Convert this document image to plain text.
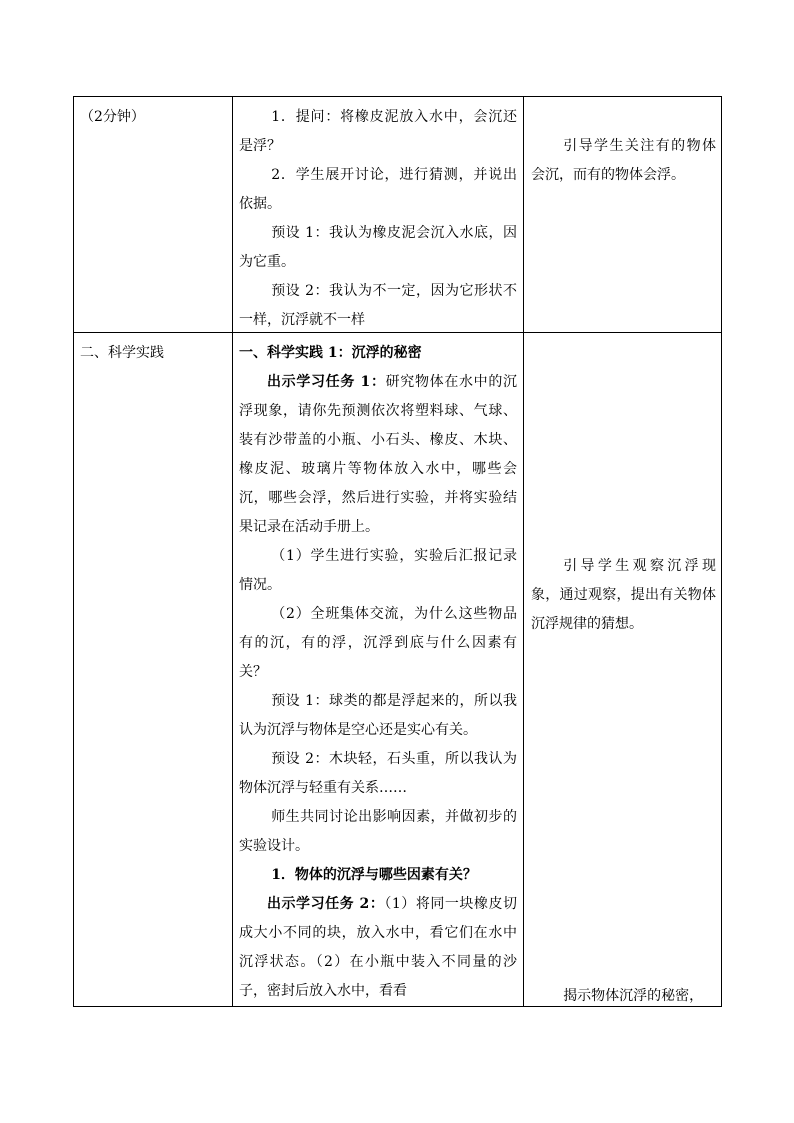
（2分钟）	1．提问：将橡皮泥放入水中，会沉还是浮？

2．学生展开讨论，进行猜测，并说出依据。

预设 1：我认为橡皮泥会沉入水底，因为它重。

预设 2：我认为不一定，因为它形状不一样，沉浮就不一样

引导学生关注有的物体会沉，而有的物体会浮。

二、科学实践	一、科学实践 1：沉浮的秘密

出示学习任务 1：研究物体在水中的沉浮现象，请你先预测依次将塑料球、气球、装有沙带盖的小瓶、小石头、橡皮、木块、橡皮泥、玻璃片等物体放入水中，哪些会沉，哪些会浮，然后进行实验，并将实验结果记录在活动手册上。

（1）学生进行实验，实验后汇报记录情况。

（2）全班集体交流，为什么这些物品有的沉，有的浮，沉浮到底与什么因素有关？

预设 1：球类的都是浮起来的，所以我认为沉浮与物体是空心还是实心有关。

预设 2：木块轻，石头重，所以我认为物体沉浮与轻重有关系……

师生共同讨论出影响因素，并做初步的实验设计。

1．物体的沉浮与哪些因素有关？

出示学习任务 2：（1）将同一块橡皮切成大小不同的块，放入水中，看它们在水中沉浮状态。（2）在小瓶中装入不同量的沙子，密封后放入水中，看看

引导学生观察沉浮现象，通过观察，提出有关物体沉浮规律的猜想。

揭示物体沉浮的秘密，
